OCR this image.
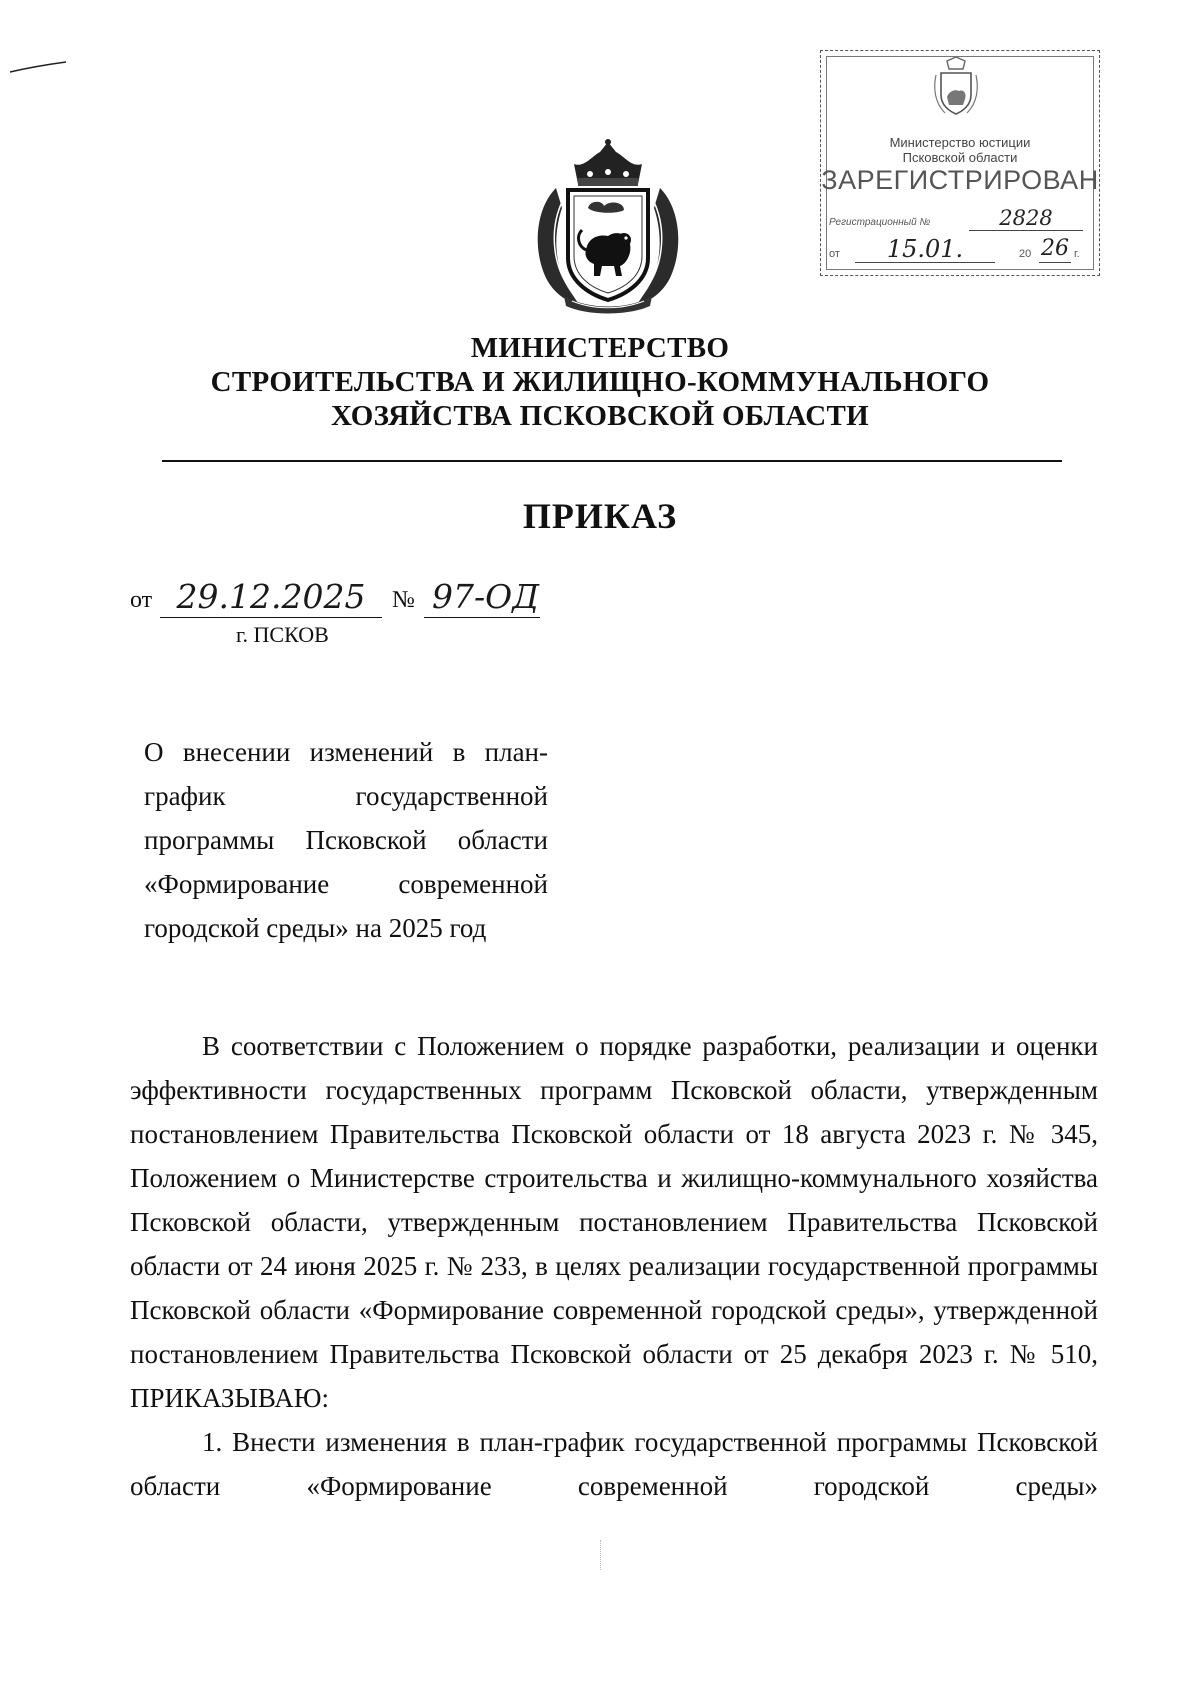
Министерство юстиции
Псковской области
ЗАРЕГИСТРИРОВАН
Регистрационный №	2828
от	15.01.	20 26 г.
МИНИСТЕРСТВО
СТРОИТЕЛЬСТВА И ЖИЛИЩНО-КОММУНАЛЬНОГО
ХОЗЯЙСТВА ПСКОВСКОЙ ОБЛАСТИ
ПРИКАЗ
от 29.12.2025	№ 97-ОД
г. ПСКОВ
О внесении изменений в план-график государственной программы Псковской области «Формирование современной городской среды» на 2025 год

В соответствии с Положением о порядке разработки, реализации и оценки эффективности государственных программ Псковской области, утвержденным постановлением Правительства Псковской области от 18 августа 2023 г. № 345, Положением о Министерстве строительства и жилищно-коммунального хозяйства Псковской области, утвержденным постановлением Правительства Псковской области от 24 июня 2025 г. № 233, в целях реализации государственной программы Псковской области «Формирование современной городской среды», утвержденной постановлением Правительства Псковской области от 25 декабря 2023 г. № 510, ПРИКАЗЫВАЮ:

1. Внести изменения в план-график государственной программы Псковской области «Формирование современной городской среды»
